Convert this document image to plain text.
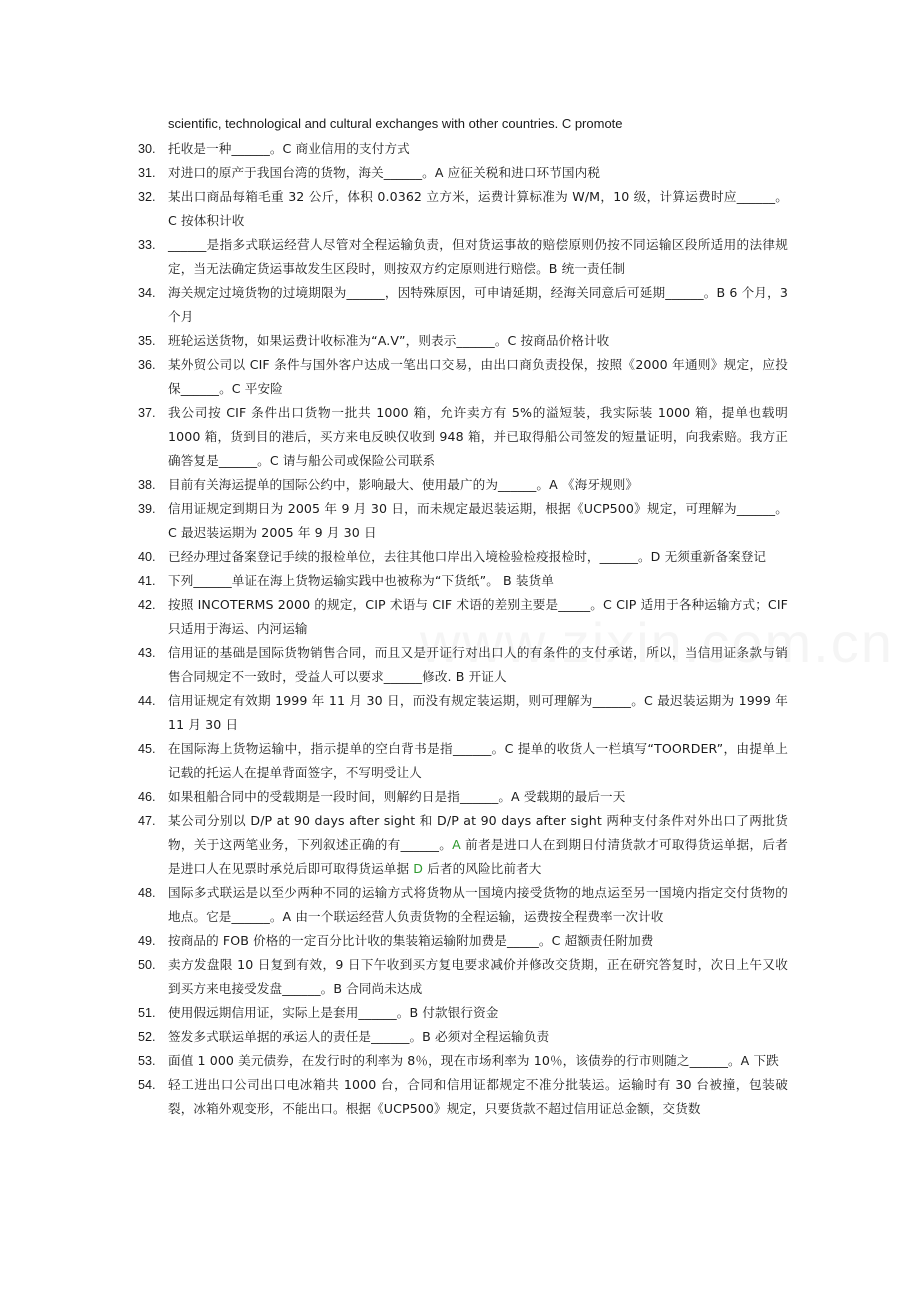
scientific, technological and cultural exchanges with other countries. C promote
30. 托收是一种______。C 商业信用的支付方式
31. 对进口的原产于我国台湾的货物，海关______。A 应征关税和进口环节国内税
32. 某出口商品每箱毛重 32 公斤，体积 0.0362 立方米，运费计算标准为 W/M，10 级，计算运费时应______。C 按体积计收
33. ______是指多式联运经营人尽管对全程运输负责，但对货运事故的赔偿原则仍按不同运输区段所适用的法律规定，当无法确定货运事故发生区段时，则按双方约定原则进行赔偿。B 统一责任制
34. 海关规定过境货物的过境期限为______，因特殊原因，可申请延期，经海关同意后可延期______。B 6 个月，3 个月
35. 班轮运送货物，如果运费计收标准为“A.V”，则表示______。C 按商品价格计收
36. 某外贸公司以 CIF 条件与国外客户达成一笔出口交易，由出口商负责投保，按照《2000 年通则》规定，应投保______。C 平安险
37. 我公司按 CIF 条件出口货物一批共 1000 箱，允许卖方有 5%的溢短装，我实际装 1000 箱，提单也载明 1000 箱，货到目的港后，买方来电反映仅收到 948 箱，并已取得船公司签发的短量证明，向我索赔。我方正确答复是______。C 请与船公司或保险公司联系
38. 目前有关海运提单的国际公约中，影响最大、使用最广的为______。A 《海牙规则》
39. 信用证规定到期日为 2005 年 9 月 30 日，而未规定最迟装运期，根据《UCP500》规定，可理解为______。C 最迟装运期为 2005 年 9 月 30 日
40. 已经办理过备案登记手续的报检单位，去往其他口岸出入境检验检疫报检时，______。D 无须重新备案登记
41. 下列______单证在海上货物运输实践中也被称为“下货纸”。 B 装货单
42. 按照 INCOTERMS 2000 的规定，CIP 术语与 CIF 术语的差别主要是_____。C CIP 适用于各种运输方式；CIF 只适用于海运、内河运输
43. 信用证的基础是国际货物销售合同，而且又是开证行对出口人的有条件的支付承诺，所以，当信用证条款与销售合同规定不一致时，受益人可以要求______修改. B 开证人
44. 信用证规定有效期 1999 年 11 月 30 日，而没有规定装运期，则可理解为______。C 最迟装运期为 1999 年 11 月 30 日
45. 在国际海上货物运输中，指示提单的空白背书是指______。C 提单的收货人一栏填写“TOORDER”，由提单上记载的托运人在提单背面签字，不写明受让人
46. 如果租船合同中的受载期是一段时间，则解约日是指______。A 受载期的最后一天
47. 某公司分别以 D/P at 90 days after sight 和 D/P at 90 days after sight 两种支付条件对外出口了两批货物，关于这两笔业务，下列叙述正确的有______。A 前者是进口人在到期日付清货款才可取得货运单据，后者是进口人在见票时承兑后即可取得货运单据 D 后者的风险比前者大
48. 国际多式联运是以至少两种不同的运输方式将货物从一国境内接受货物的地点运至另一国境内指定交付货物的地点。它是______。A 由一个联运经营人负责货物的全程运输，运费按全程费率一次计收
49. 按商品的 FOB 价格的一定百分比计收的集装箱运输附加费是_____。C 超额责任附加费
50. 卖方发盘限 10 日复到有效，9 日下午收到买方复电要求减价并修改交货期，正在研究答复时，次日上午又收到买方来电接受发盘______。B 合同尚未达成
51. 使用假远期信用证，实际上是套用______。B 付款银行资金
52. 签发多式联运单据的承运人的责任是______。B 必须对全程运输负责
53. 面值 1 000 美元债券，在发行时的利率为 8％，现在市场利率为 10％，该债券的行市则随之______。A 下跌
54. 轻工进出口公司出口电冰箱共 1000 台，合同和信用证都规定不准分批装运。运输时有 30 台被撞，包装破裂，冰箱外观变形，不能出口。根据《UCP500》规定，只要货款不超过信用证总金额，交货数
